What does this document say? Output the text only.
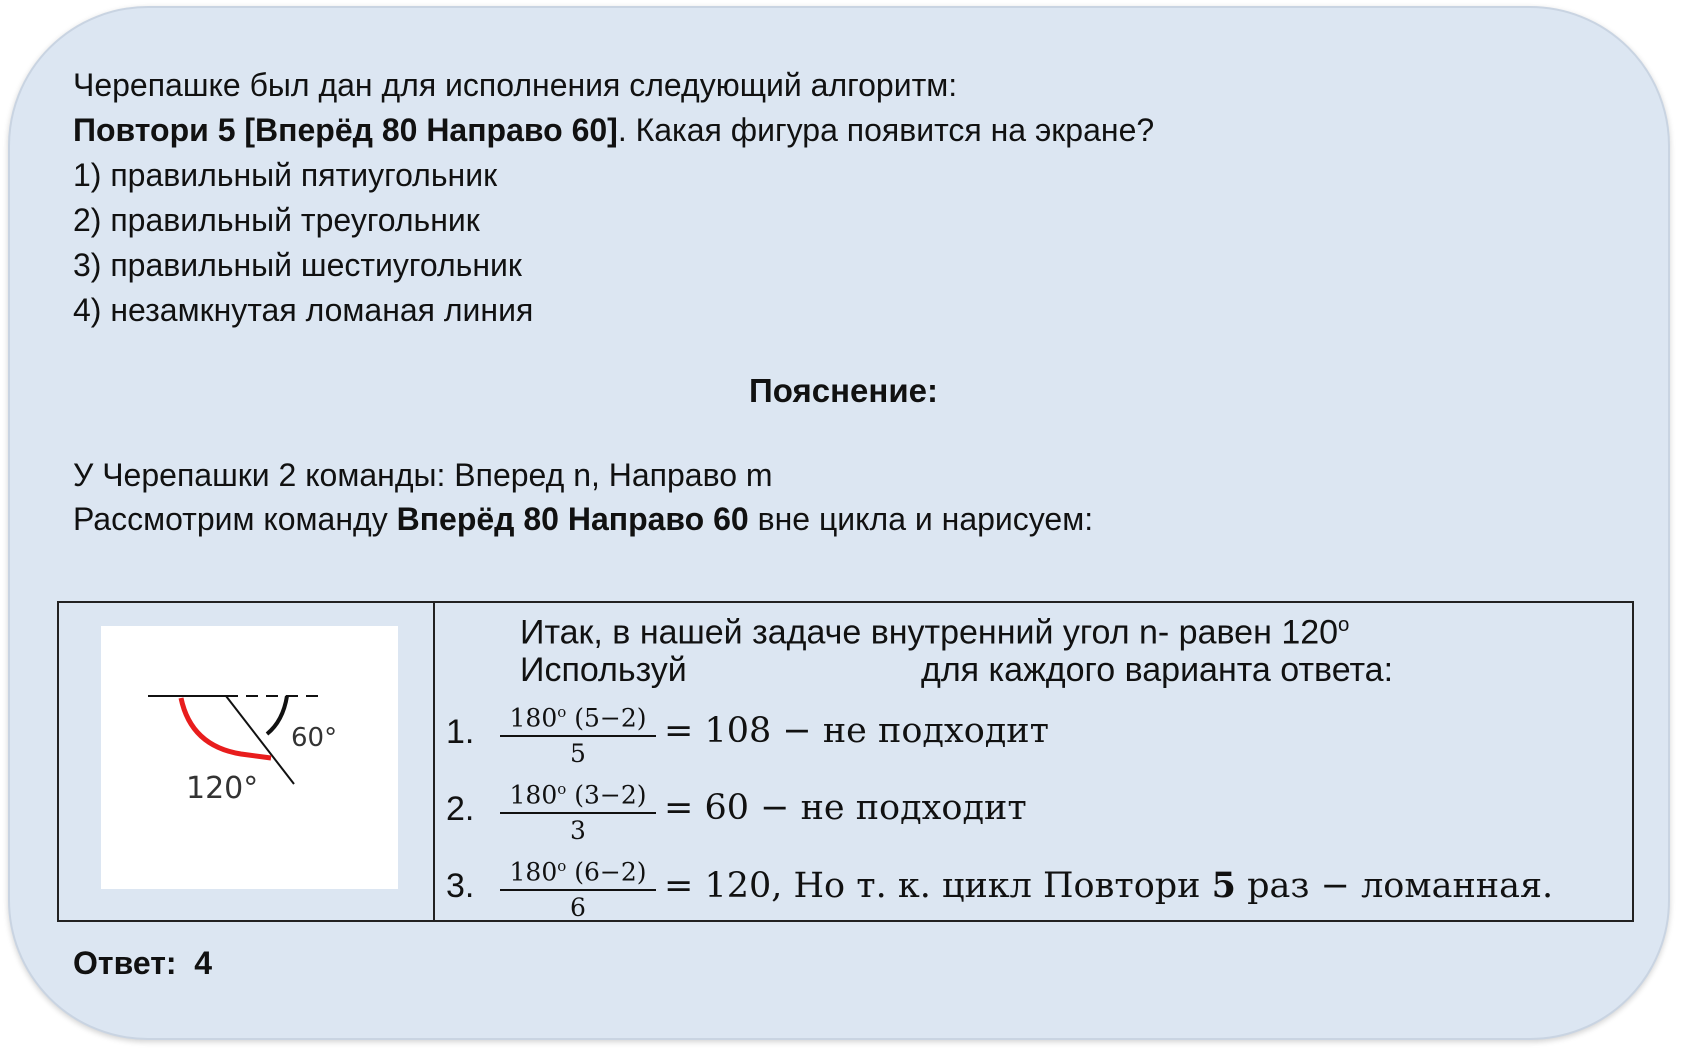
Черепашке был дан для исполнения следующий алгоритм:
Повтори 5 [Вперёд 80 Направо 60]. Какая фигура появится на экране?
1) правильный пятиугольник
2) правильный треугольник
3) правильный шестиугольник
4) незамкнутая ломаная линия
Пояснение:
У Черепашки 2 команды: Вперед n, Направо m
Рассмотрим команду Вперёд 80 Направо 60 вне цикла и нарисуем:
60°
120°
Итак, в нашей задаче внутренний угол n- равен 120$^o$
Используй	для каждого варианта ответа:
1.	180$^o$ (5−2)
5
= 108 − не подходит
2.	180$^o$ (3−2)
3
= 60 − не подходит
3.	180$^o$ (6−2)
6
= 120, Но т. к. цикл Повтори 5 раз − ломанная.
Ответ:  4
